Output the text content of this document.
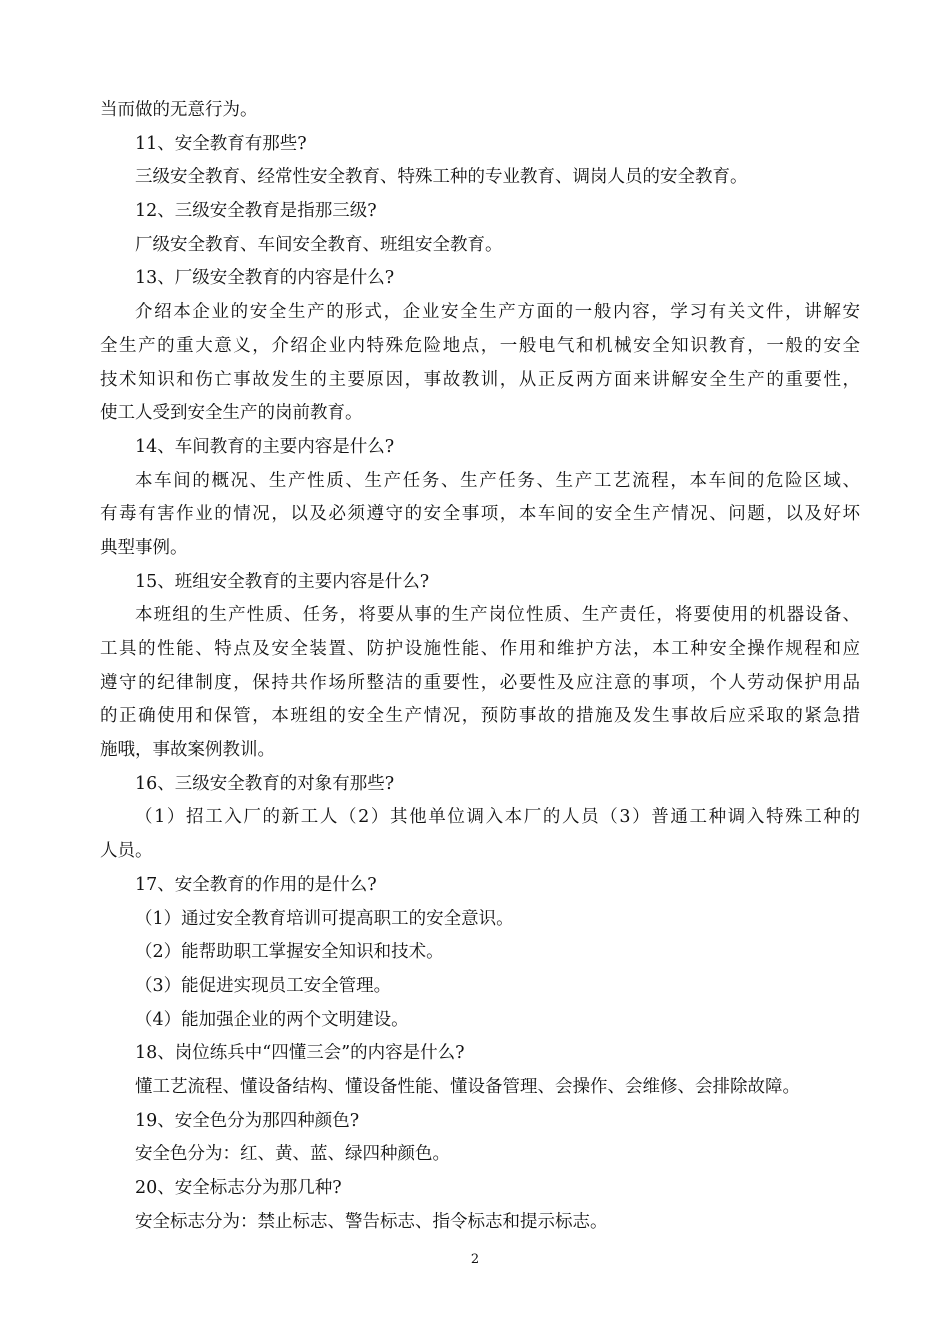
当而做的无意行为。
11、安全教育有那些?
三级安全教育、经常性安全教育、特殊工种的专业教育、调岗人员的安全教育。
12、三级安全教育是指那三级?
厂级安全教育、车间安全教育、班组安全教育。
13、厂级安全教育的内容是什么?
介绍本企业的安全生产的形式，企业安全生产方面的一般内容，学习有关文件，讲解安
全生产的重大意义，介绍企业内特殊危险地点，一般电气和机械安全知识教育，一般的安全
技术知识和伤亡事故发生的主要原因，事故教训，从正反两方面来讲解安全生产的重要性，
使工人受到安全生产的岗前教育。
14、车间教育的主要内容是什么?
本车间的概况、生产性质、生产任务、生产任务、生产工艺流程，本车间的危险区域、
有毒有害作业的情况，以及必须遵守的安全事项，本车间的安全生产情况、问题，以及好坏
典型事例。
15、班组安全教育的主要内容是什么?
本班组的生产性质、任务，将要从事的生产岗位性质、生产责任，将要使用的机器设备、
工具的性能、特点及安全装置、防护设施性能、作用和维护方法，本工种安全操作规程和应
遵守的纪律制度，保持共作场所整洁的重要性，必要性及应注意的事项，个人劳动保护用品
的正确使用和保管，本班组的安全生产情况，预防事故的措施及发生事故后应采取的紧急措
施哦，事故案例教训。
16、三级安全教育的对象有那些?
（1）招工入厂的新工人（2）其他单位调入本厂的人员（3）普通工种调入特殊工种的
人员。
17、安全教育的作用的是什么?
（1）通过安全教育培训可提高职工的安全意识。
（2）能帮助职工掌握安全知识和技术。
（3）能促进实现员工安全管理。
（4）能加强企业的两个文明建设。
18、岗位练兵中“四懂三会”的内容是什么?
懂工艺流程、懂设备结构、懂设备性能、懂设备管理、会操作、会维修、会排除故障。
19、安全色分为那四种颜色?
安全色分为：红、黄、蓝、绿四种颜色。
20、安全标志分为那几种?
安全标志分为：禁止标志、警告标志、指令标志和提示标志。
2
